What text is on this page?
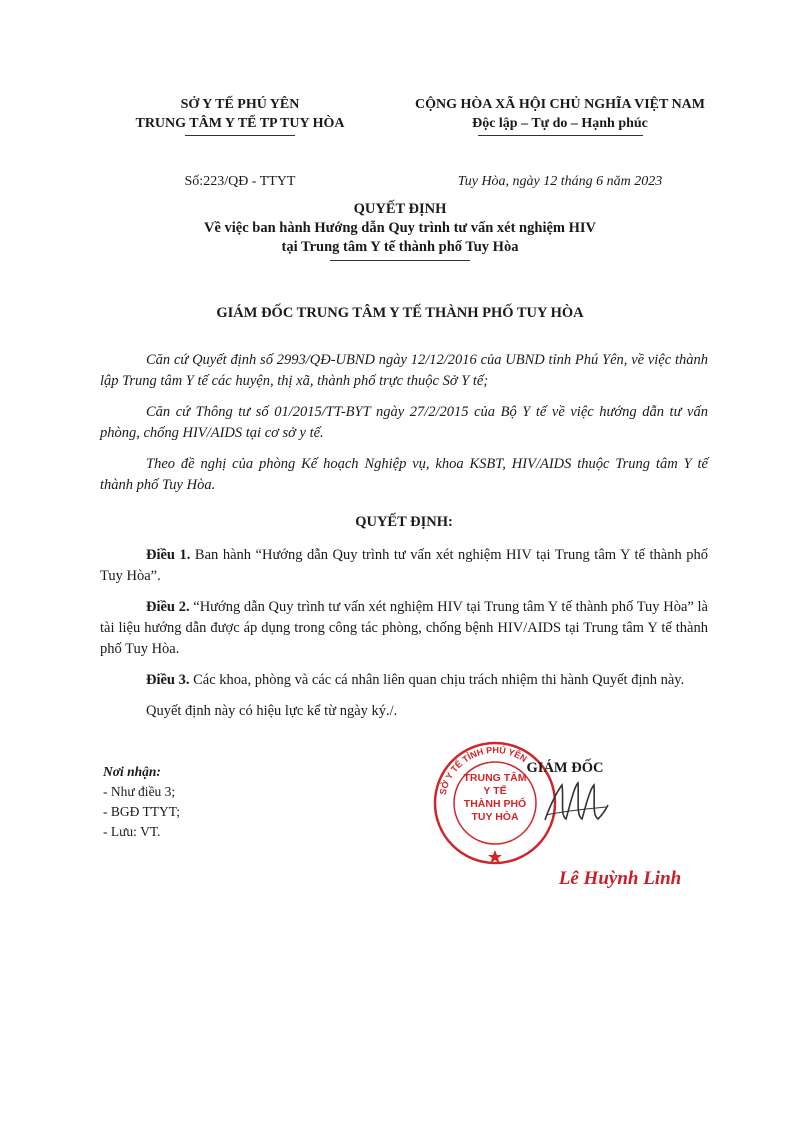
SỞ Y TẾ PHÚ YÊN
TRUNG TÂM Y TẾ TP TUY HÒA
Số:223/QĐ - TTYT
CỘNG HÒA XÃ HỘI CHỦ NGHĨA VIỆT NAM
Độc lập – Tự do – Hạnh phúc
Tuy Hòa, ngày 12 tháng 6 năm 2023
QUYẾT ĐỊNH
Về việc ban hành Hướng dẫn Quy trình tư vấn xét nghiệm HIV
tại Trung tâm Y tế thành phố Tuy Hòa
GIÁM ĐỐC TRUNG TÂM Y TẾ THÀNH PHỐ TUY HÒA

Căn cứ Quyết định số 2993/QĐ-UBND ngày 12/12/2016 của UBND tỉnh Phú Yên, về việc thành lập Trung tâm Y tế các huyện, thị xã, thành phố trực thuộc Sở Y tế;

Căn cứ Thông tư số 01/2015/TT-BYT ngày 27/2/2015 của Bộ Y tế về việc hướng dẫn tư vấn phòng, chống HIV/AIDS tại cơ sở y tế.

Theo đề nghị của phòng Kế hoạch Nghiệp vụ, khoa KSBT, HIV/AIDS thuộc Trung tâm Y tế thành phố Tuy Hòa.

QUYẾT ĐỊNH:

Điều 1. Ban hành “Hướng dẫn Quy trình tư vấn xét nghiệm HIV tại Trung tâm Y tế thành phố Tuy Hòa”.

Điều 2. “Hướng dẫn Quy trình tư vấn xét nghiệm HIV tại Trung tâm Y tế thành phố Tuy Hòa” là tài liệu hướng dẫn được áp dụng trong công tác phòng, chống bệnh HIV/AIDS tại Trung tâm Y tế thành phố Tuy Hòa.

Điều 3. Các khoa, phòng và các cá nhân liên quan chịu trách nhiệm thi hành Quyết định này.

Quyết định này có hiệu lực kể từ ngày ký./.

Nơi nhận:
- Như điều 3;
- BGĐ TTYT;
- Lưu: VT.
SỞ Y TẾ TỈNH PHÚ YÊN
TRUNG TÂM
Y TẾ
THÀNH PHỐ
TUY HÒA
GIÁM ĐỐC
Lê Huỳnh Linh
